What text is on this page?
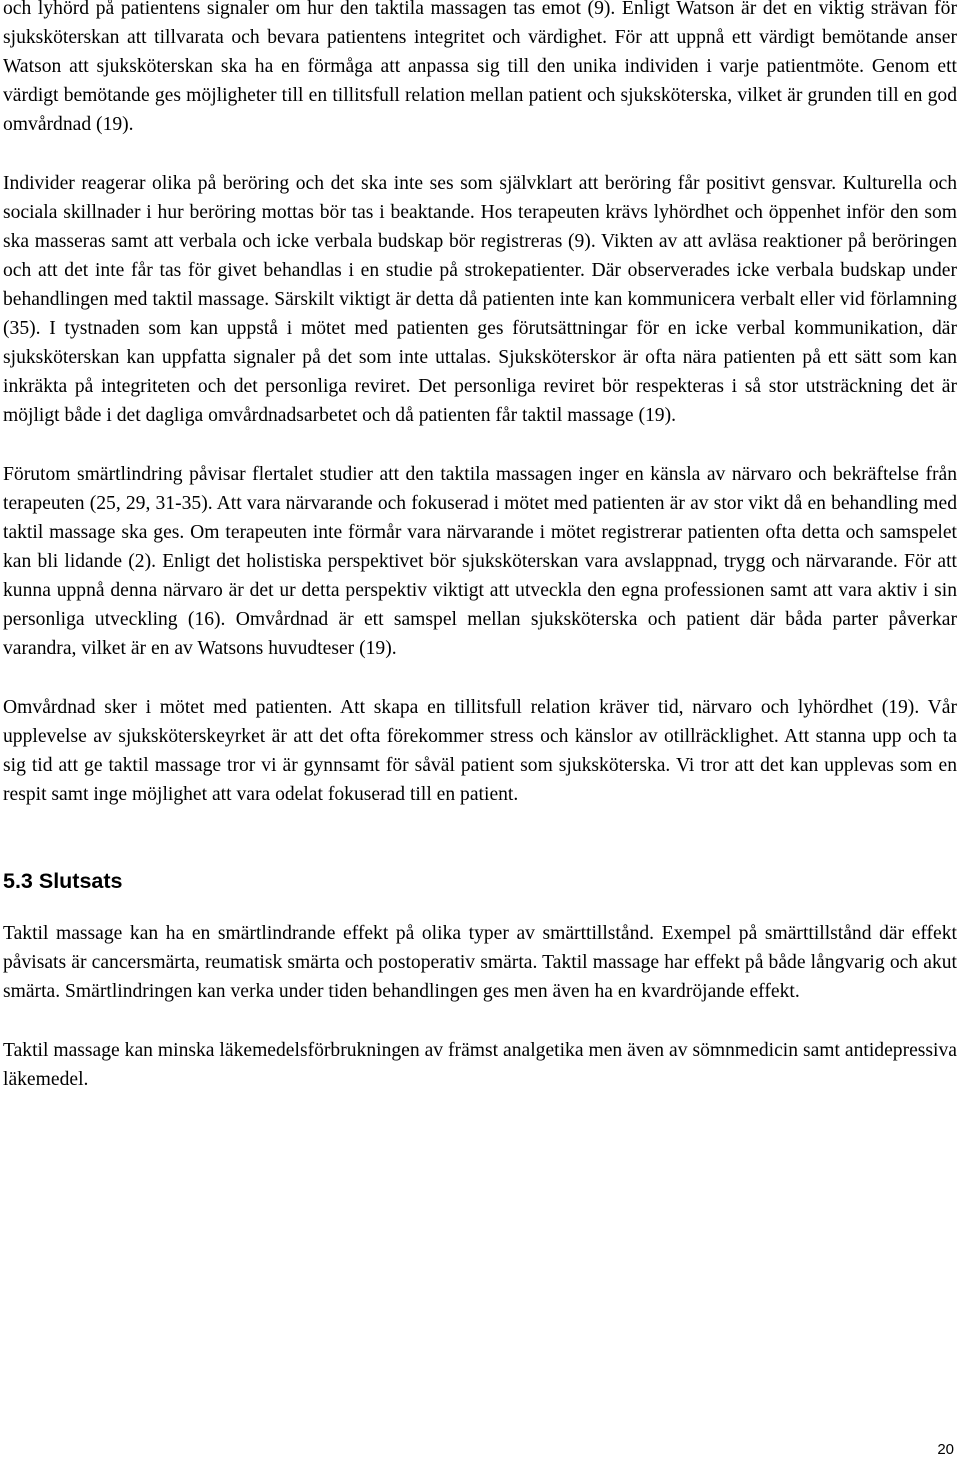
och lyhörd på patientens signaler om hur den taktila massagen tas emot (9). Enligt Watson är det en viktig strävan för sjuksköterskan att tillvarata och bevara patientens integritet och värdighet. För att uppnå ett värdigt bemötande anser Watson att sjuksköterskan ska ha en förmåga att anpassa sig till den unika individen i varje patientmöte. Genom ett värdigt bemötande ges möjligheter till en tillitsfull relation mellan patient och sjuksköterska, vilket är grunden till en god omvårdnad (19).

Individer reagerar olika på beröring och det ska inte ses som självklart att beröring får positivt gensvar. Kulturella och sociala skillnader i hur beröring mottas bör tas i beaktande. Hos terapeuten krävs lyhördhet och öppenhet inför den som ska masseras samt att verbala och icke verbala budskap bör registreras (9). Vikten av att avläsa reaktioner på beröringen och att det inte får tas för givet behandlas i en studie på strokepatienter. Där observerades icke verbala budskap under behandlingen med taktil massage. Särskilt viktigt är detta då patienten inte kan kommunicera verbalt eller vid förlamning (35). I tystnaden som kan uppstå i mötet med patienten ges förutsättningar för en icke verbal kommunikation, där sjuksköterskan kan uppfatta signaler på det som inte uttalas. Sjuksköterskor är ofta nära patienten på ett sätt som kan inkräkta på integriteten och det personliga reviret. Det personliga reviret bör respekteras i så stor utsträckning det är möjligt både i det dagliga omvårdnadsarbetet och då patienten får taktil massage (19).

Förutom smärtlindring påvisar flertalet studier att den taktila massagen inger en känsla av närvaro och bekräftelse från terapeuten (25, 29, 31-35). Att vara närvarande och fokuserad i mötet med patienten är av stor vikt då en behandling med taktil massage ska ges. Om terapeuten inte förmår vara närvarande i mötet registrerar patienten ofta detta och samspelet kan bli lidande (2). Enligt det holistiska perspektivet bör sjuksköterskan vara avslappnad, trygg och närvarande. För att kunna uppnå denna närvaro är det ur detta perspektiv viktigt att utveckla den egna professionen samt att vara aktiv i sin personliga utveckling (16). Omvårdnad är ett samspel mellan sjuksköterska och patient där båda parter påverkar varandra, vilket är en av Watsons huvudteser (19).

Omvårdnad sker i mötet med patienten. Att skapa en tillitsfull relation kräver tid, närvaro och lyhördhet (19). Vår upplevelse av sjuksköterskeyrket är att det ofta förekommer stress och känslor av otillräcklighet. Att stanna upp och ta sig tid att ge taktil massage tror vi är gynnsamt för såväl patient som sjuksköterska. Vi tror att det kan upplevas som en respit samt inge möjlighet att vara odelat fokuserad till en patient.

5.3 Slutsats

Taktil massage kan ha en smärtlindrande effekt på olika typer av smärttillstånd. Exempel på smärttillstånd där effekt påvisats är cancersmärta, reumatisk smärta och postoperativ smärta. Taktil massage har effekt på både långvarig och akut smärta. Smärtlindringen kan verka under tiden behandlingen ges men även ha en kvardröjande effekt.

Taktil massage kan minska läkemedelsförbrukningen av främst analgetika men även av sömnmedicin samt antidepressiva läkemedel.

20
